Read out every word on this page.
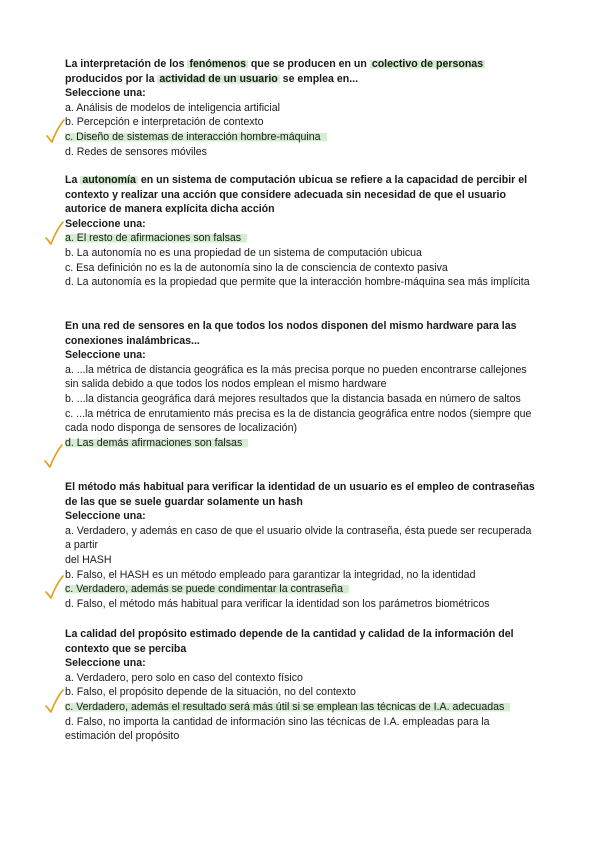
La interpretación de los fenómenos que se producen en un colectivo de personas producidos por la actividad de un usuario se emplea en...

Seleccione una:

a. Análisis de modelos de inteligencia artificial

b. Percepción e interpretación de contexto

c. Diseño de sistemas de interacción hombre-máquina

d. Redes de sensores móviles

La autonomía en un sistema de computación ubicua se refiere a la capacidad de percibir el contexto y realizar una acción que considere adecuada sin necesidad de que el usuario autorice de manera explícita dicha acción

Seleccione una:

a. El resto de afirmaciones son falsas

b. La autonomía no es una propiedad de un sistema de computación ubicua

c. Esa definición no es la de autonomía sino la de consciencia de contexto pasiva

d. La autonomía es la propiedad que permite que la interacción hombre-máquina sea más implícita

En una red de sensores en la que todos los nodos disponen del mismo hardware para las conexiones inalámbricas...

Seleccione una:

a. ...la métrica de distancia geográfica es la más precisa porque no pueden encontrarse callejones sin salida debido a que todos los nodos emplean el mismo hardware

b. ...la distancia geográfica dará mejores resultados que la distancia basada en número de saltos

c. ...la métrica de enrutamiento más precisa es la de distancia geográfica entre nodos (siempre que cada nodo disponga de sensores de localización)

d. Las demás afirmaciones son falsas

El método más habitual para verificar la identidad de un usuario es el empleo de contraseñas de las que se suele guardar solamente un hash

Seleccione una:

a. Verdadero, y además en caso de que el usuario olvide la contraseña, ésta puede ser recuperada a partir

del HASH

b. Falso, el HASH es un método empleado para garantizar la integridad, no la identidad

c. Verdadero, además se puede condimentar la contraseña

d. Falso, el método más habitual para verificar la identidad son los parámetros biométricos

La calidad del propósito estimado depende de la cantidad y calidad de la información del contexto que se perciba

Seleccione una:

a. Verdadero, pero solo en caso del contexto físico

b. Falso, el propósito depende de la situación, no del contexto

c. Verdadero, además el resultado será más útil si se emplean las técnicas de I.A. adecuadas

d. Falso, no importa la cantidad de información sino las técnicas de I.A. empleadas para la estimación del propósito
